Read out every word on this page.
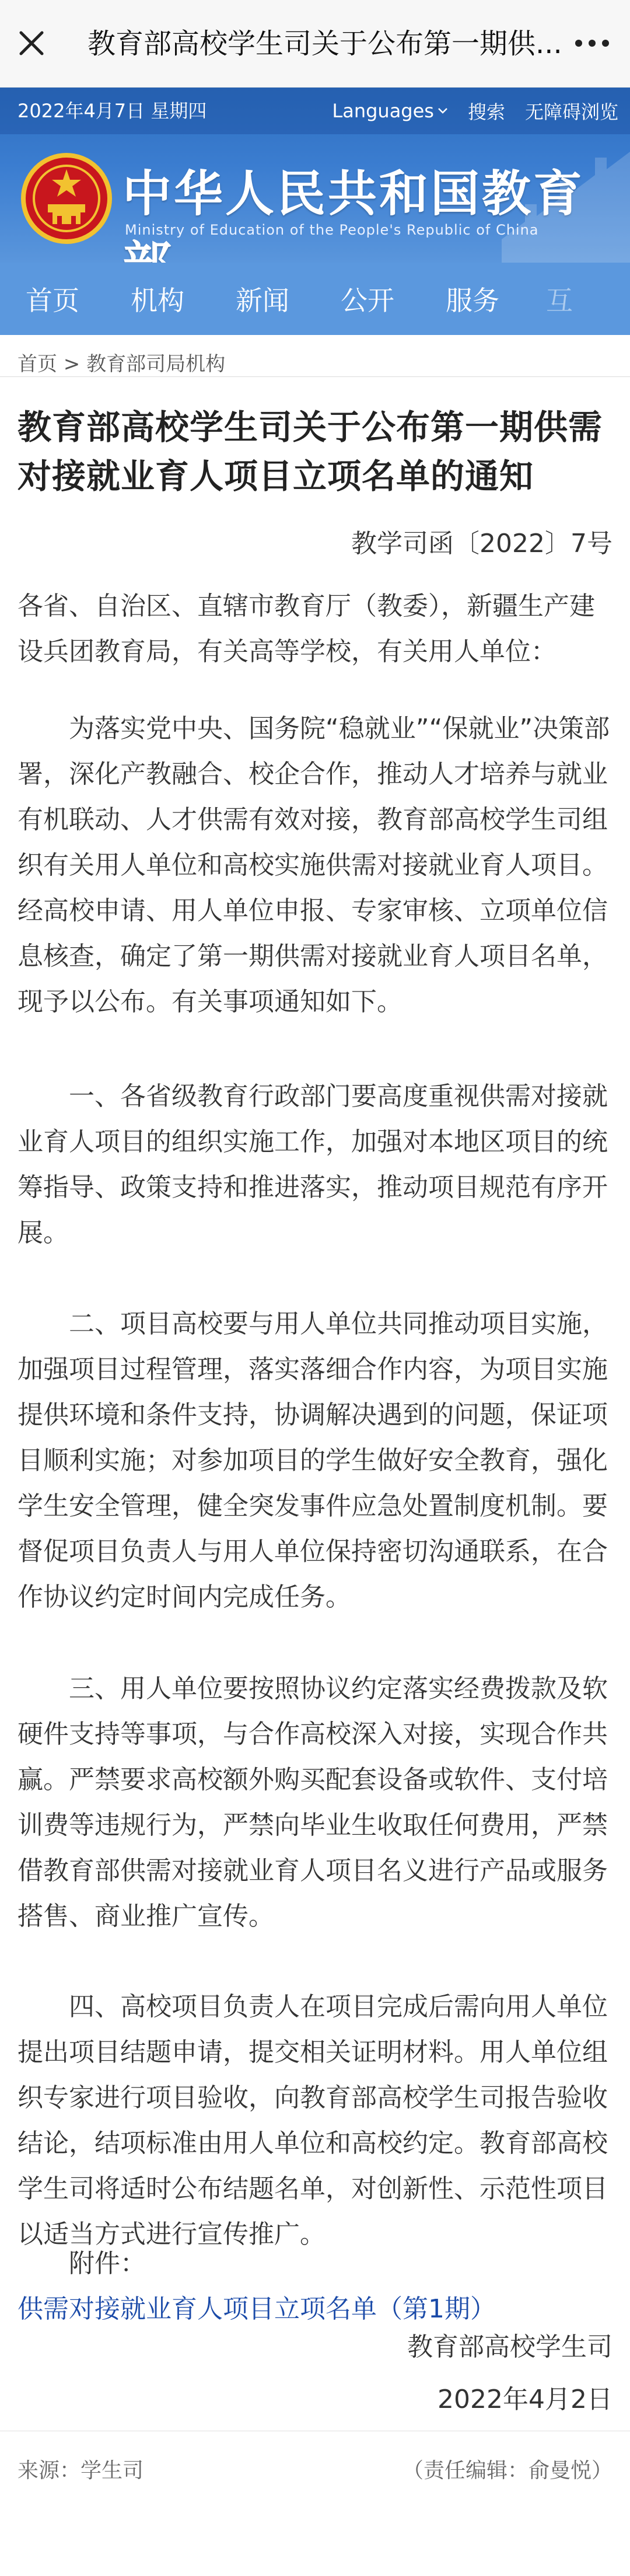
教育部高校学生司关于公布第一期供...
2022年4月7日 星期四	Languages 搜索 无障碍浏览
中华人民共和国教育
Ministry of Education of the People's Republic of China
首页	机构	新闻	公开	服务	互
首页 > 教育部司局机构
教育部高校学生司关于公布第一期供需对接就业育人项目立项名单的通知
教学司函〔2022〕7号
各省、自治区、直辖市教育厅（教委），新疆生产建设兵团教育局，有关高等学校，有关用人单位：
为落实党中央、国务院“稳就业”“保就业”决策部署，深化产教融合、校企合作，推动人才培养与就业有机联动、人才供需有效对接，教育部高校学生司组织有关用人单位和高校实施供需对接就业育人项目。经高校申请、用人单位申报、专家审核、立项单位信息核查，确定了第一期供需对接就业育人项目名单，现予以公布。有关事项通知如下。
一、各省级教育行政部门要高度重视供需对接就业育人项目的组织实施工作，加强对本地区项目的统筹指导、政策支持和推进落实，推动项目规范有序开展。
二、项目高校要与用人单位共同推动项目实施，加强项目过程管理，落实落细合作内容，为项目实施提供环境和条件支持，协调解决遇到的问题，保证项目顺利实施；对参加项目的学生做好安全教育，强化学生安全管理，健全突发事件应急处置制度机制。要督促项目负责人与用人单位保持密切沟通联系，在合作协议约定时间内完成任务。
三、用人单位要按照协议约定落实经费拨款及软硬件支持等事项，与合作高校深入对接，实现合作共赢。严禁要求高校额外购买配套设备或软件、支付培训费等违规行为，严禁向毕业生收取任何费用，严禁借教育部供需对接就业育人项目名义进行产品或服务搭售、商业推广宣传。
四、高校项目负责人在项目完成后需向用人单位提出项目结题申请，提交相关证明材料。用人单位组织专家进行项目验收，向教育部高校学生司报告验收结论，结项标准由用人单位和高校约定。教育部高校学生司将适时公布结题名单，对创新性、示范性项目以适当方式进行宣传推广。
附件：供需对接就业育人项目立项名单（第1期）
教育部高校学生司
2022年4月2日
来源：学生司	（责任编辑：俞曼悦）
